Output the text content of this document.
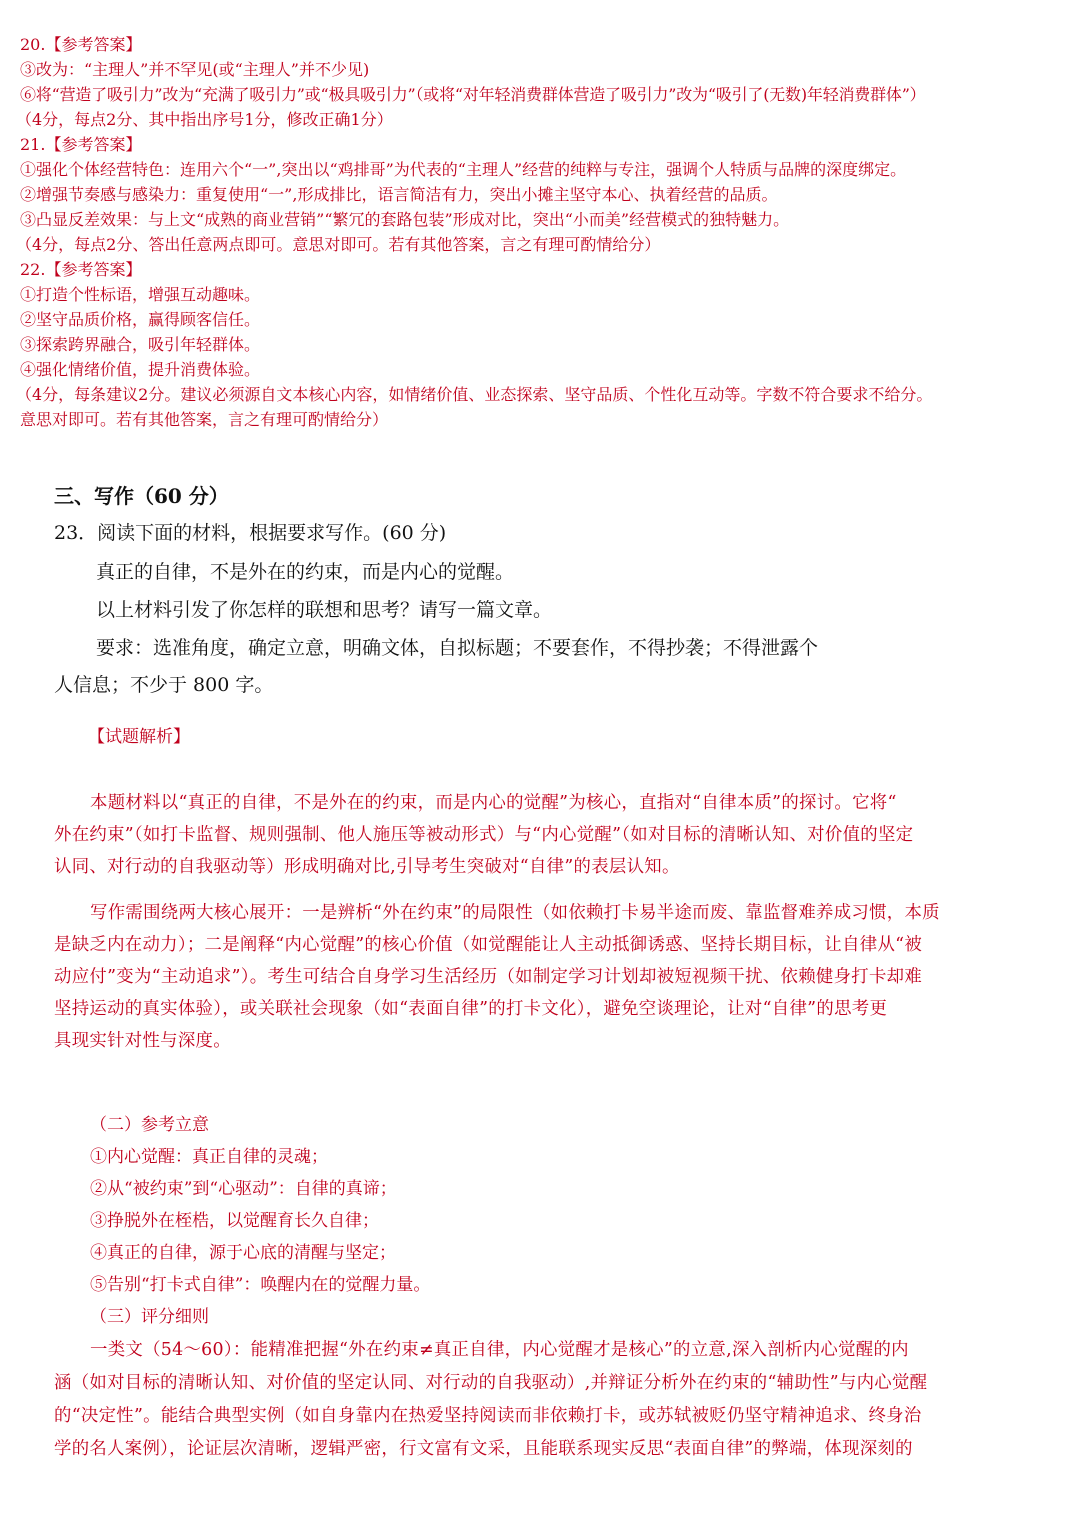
20.【参考答案】
③改为：“主理人”并不罕见(或“主理人”并不少见)
⑥将“营造了吸引力”改为“充满了吸引力”或“极具吸引力”（或将“对年轻消费群体营造了吸引力”改为“吸引了(无数)年轻消费群体”）
（4分，每点2分、其中指出序号1分，修改正确1分）
21.【参考答案】
①强化个体经营特色：连用六个“一”,突出以“鸡排哥”为代表的“主理人”经营的纯粹与专注，强调个人特质与品牌的深度绑定。
②增强节奏感与感染力：重复使用“一”,形成排比，语言简洁有力，突出小摊主坚守本心、执着经营的品质。
③凸显反差效果：与上文“成熟的商业营销”“繁冗的套路包装”形成对比，突出“小而美”经营模式的独特魅力。
（4分，每点2分、答出任意两点即可。意思对即可。若有其他答案，言之有理可酌情给分）
22.【参考答案】
①打造个性标语，增强互动趣味。
②坚守品质价格，赢得顾客信任。
③探索跨界融合，吸引年轻群体。
④强化情绪价值，提升消费体验。
（4分，每条建议2分。建议必须源自文本核心内容，如情绪价值、业态探索、坚守品质、个性化互动等。字数不符合要求不给分。
意思对即可。若有其他答案，言之有理可酌情给分）
三、写作（60 分）
23．阅读下面的材料，根据要求写作。(60 分)
真正的自律，不是外在的约束，而是内心的觉醒。
以上材料引发了你怎样的联想和思考？请写一篇文章。
要求：选准角度，确定立意，明确文体，自拟标题；不要套作，不得抄袭；不得泄露个
人信息；不少于 800 字。
【试题解析】
本题材料以“真正的自律，不是外在的约束，而是内心的觉醒”为核心，直指对“自律本质”的探讨。它将“
外在约束”（如打卡监督、规则强制、他人施压等被动形式）与“内心觉醒”（如对目标的清晰认知、对价值的坚定
认同、对行动的自我驱动等）形成明确对比,引导考生突破对“自律”的表层认知。
写作需围绕两大核心展开：一是辨析“外在约束”的局限性（如依赖打卡易半途而废、靠监督难养成习惯，本质
是缺乏内在动力）；二是阐释“内心觉醒”的核心价值（如觉醒能让人主动抵御诱惑、坚持长期目标，让自律从“被
动应付”变为“主动追求”）。考生可结合自身学习生活经历（如制定学习计划却被短视频干扰、依赖健身打卡却难
坚持运动的真实体验），或关联社会现象（如“表面自律”的打卡文化），避免空谈理论，让对“自律”的思考更
具现实针对性与深度。
（二）参考立意
①内心觉醒：真正自律的灵魂；
②从“被约束”到“心驱动”：自律的真谛；
③挣脱外在桎梏，以觉醒育长久自律；
④真正的自律，源于心底的清醒与坚定；
⑤告别“打卡式自律”：唤醒内在的觉醒力量。
（三）评分细则
一类文（54～60）：能精准把握“外在约束≠真正自律，内心觉醒才是核心”的立意,深入剖析内心觉醒的内
涵（如对目标的清晰认知、对价值的坚定认同、对行动的自我驱动）,并辩证分析外在约束的“辅助性”与内心觉醒
的“决定性”。能结合典型实例（如自身靠内在热爱坚持阅读而非依赖打卡，或苏轼被贬仍坚守精神追求、终身治
学的名人案例），论证层次清晰，逻辑严密，行文富有文采，且能联系现实反思“表面自律”的弊端，体现深刻的
